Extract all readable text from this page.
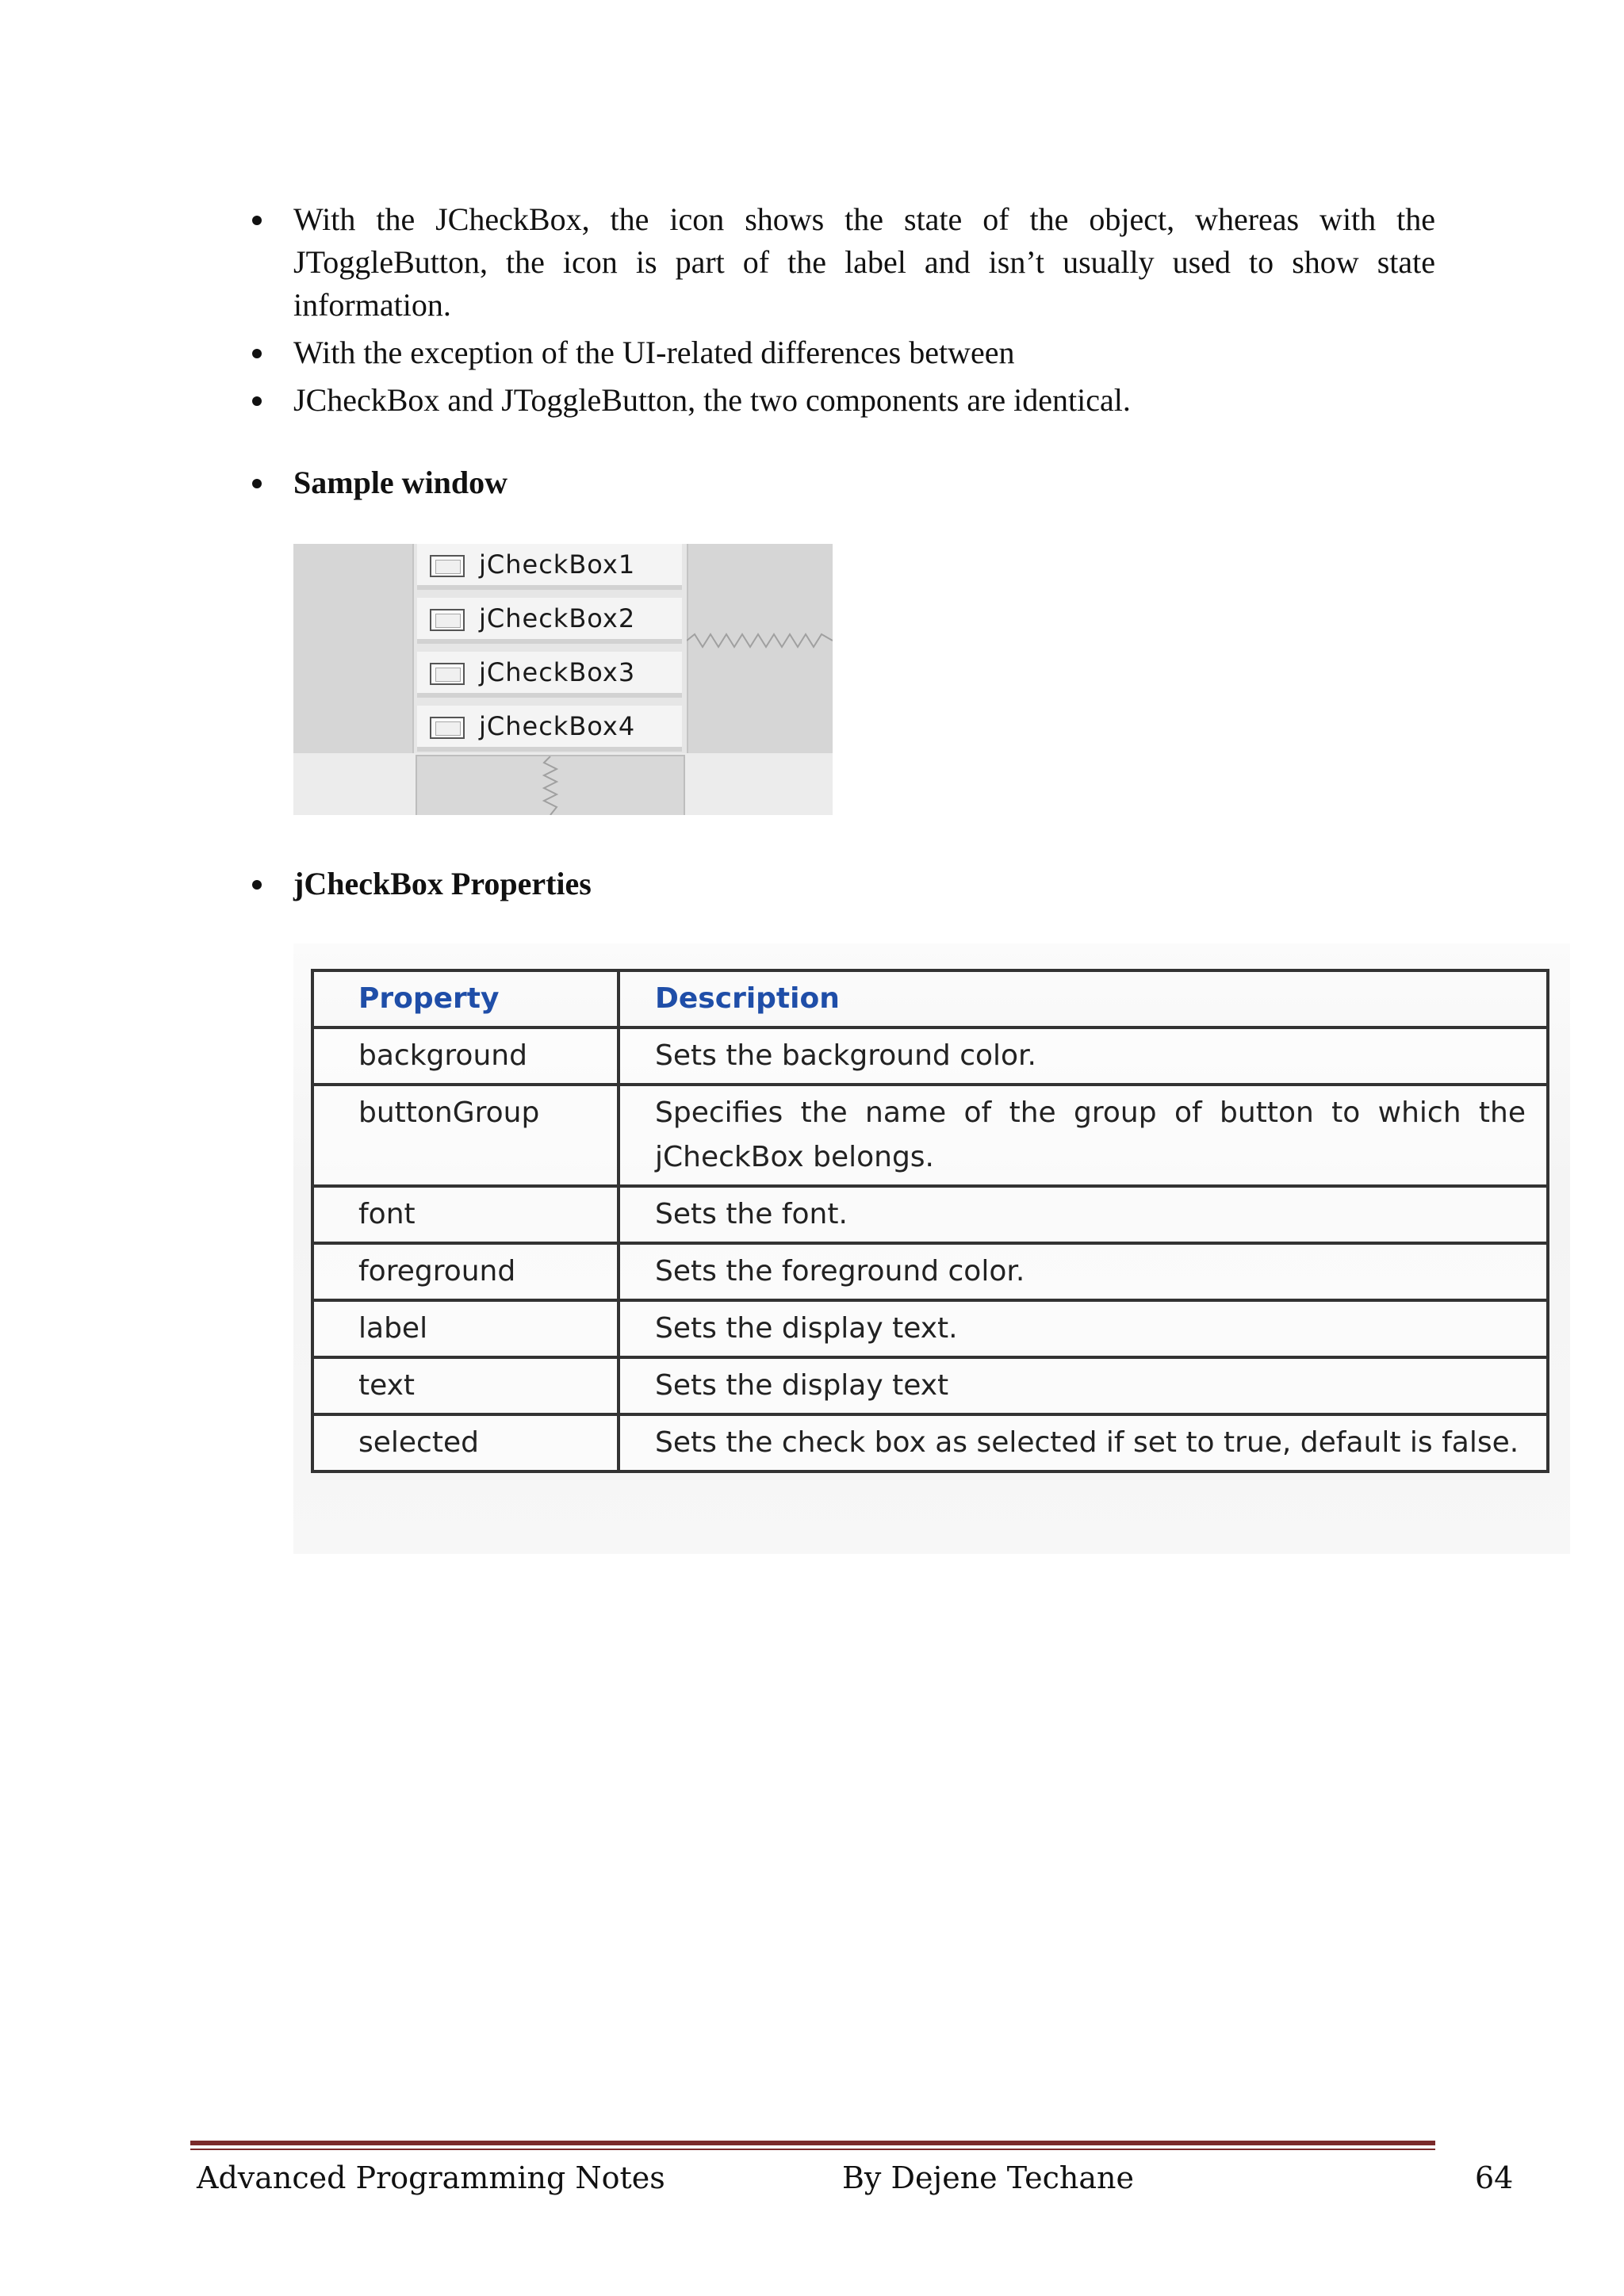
With the JCheckBox, the icon shows the state of the object, whereas with the JToggleButton, the icon is part of the label and isn’t usually used to show state information.
With the exception of the UI-related differences between
JCheckBox and JToggleButton, the two components are identical.
Sample window
jCheckBox1
jCheckBox2
jCheckBox3
jCheckBox4
jCheckBox Properties
Property	Description
background	Sets the background color.
buttonGroup	Specifies the name of the group of button to which the jCheckBox belongs.
font	Sets the font.
foreground	Sets the foreground color.
label	Sets the display text.
text	Sets the display text
selected	Sets the check box as selected if set to true, default is false.
Advanced Programming Notes	By Dejene Techane	64
